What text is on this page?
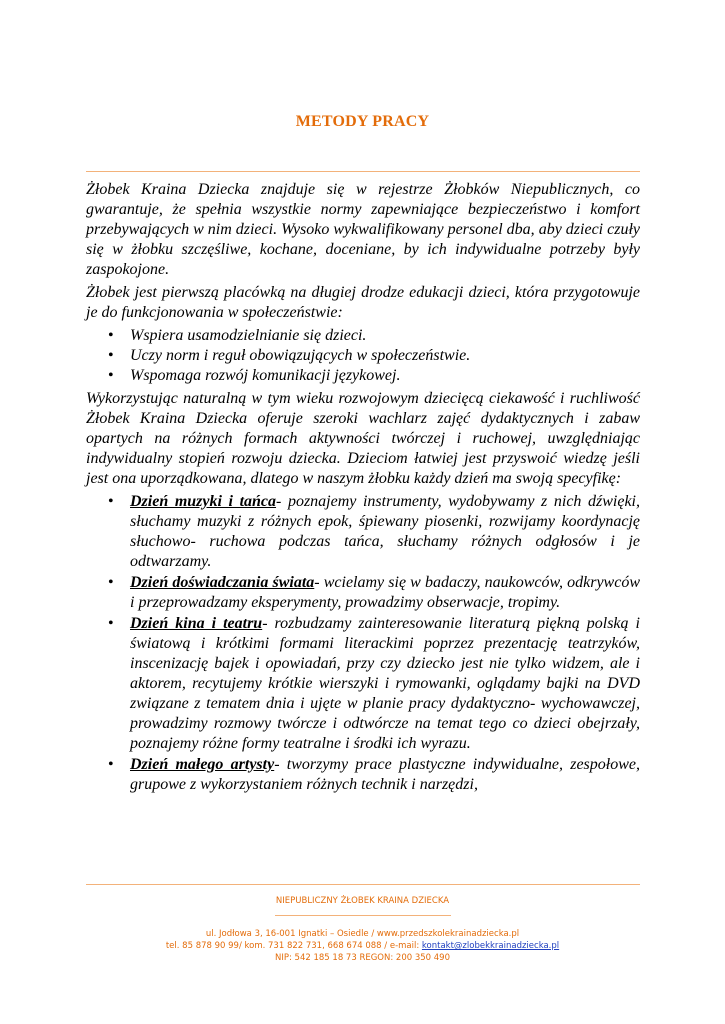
METODY PRACY

Żłobek Kraina Dziecka znajduje się w rejestrze Żłobków Niepublicznych, co gwarantuje, że spełnia wszystkie normy zapewniające bezpieczeństwo i komfort przebywających w nim dzieci. Wysoko wykwalifikowany personel dba, aby dzieci czuły się w żłobku szczęśliwe, kochane, doceniane, by ich indywidualne potrzeby były zaspokojone.

Żłobek jest pierwszą placówką na długiej drodze edukacji dzieci, która przygotowuje je do funkcjonowania w społeczeństwie:

• Wspiera usamodzielnianie się dzieci.
• Uczy norm i reguł obowiązujących w społeczeństwie.
• Wspomaga rozwój komunikacji językowej.

Wykorzystując naturalną w tym wieku rozwojowym dziecięcą ciekawość i ruchliwość Żłobek Kraina Dziecka oferuje szeroki wachlarz zajęć dydaktycznych i zabaw opartych na różnych formach aktywności twórczej i ruchowej, uwzględniając indywidualny stopień rozwoju dziecka. Dzieciom łatwiej jest przyswoić wiedzę jeśli jest ona uporządkowana, dlatego w naszym żłobku każdy dzień ma swoją specyfikę:

• Dzień muzyki i tańca- poznajemy instrumenty, wydobywamy z nich dźwięki, słuchamy muzyki z różnych epok, śpiewany piosenki, rozwijamy koordynację słuchowo- ruchowa podczas tańca, słuchamy różnych odgłosów i je odtwarzamy.
• Dzień doświadczania świata- wcielamy się w badaczy, naukowców, odkrywców i przeprowadzamy eksperymenty, prowadzimy obserwacje, tropimy.
• Dzień kina i teatru- rozbudzamy zainteresowanie literaturą piękną polską i światową i krótkimi formami literackimi poprzez prezentację teatrzyków, inscenizację bajek i opowiadań, przy czy dziecko jest nie tylko widzem, ale i aktorem, recytujemy krótkie wierszyki i rymowanki, oglądamy bajki na DVD związane z tematem dnia i ujęte w planie pracy dydaktyczno- wychowawczej, prowadzimy rozmowy twórcze i odtwórcze na temat tego co dzieci obejrzały, poznajemy różne formy teatralne i środki ich wyrazu.
• Dzień małego artysty- tworzymy prace plastyczne indywidualne, zespołowe, grupowe z wykorzystaniem różnych technik i narzędzi,
NIEPUBLICZNY ŻŁOBEK KRAINA DZIECKA
ul. Jodłowa 3, 16-001 Ignatki – Osiedle / www.przedszkolekrainadziecka.pl
tel. 85 878 90 99/ kom. 731 822 731, 668 674 088 / e-mail: kontakt@zlobekkrainadziecka.pl
NIP: 542 185 18 73 REGON: 200 350 490
